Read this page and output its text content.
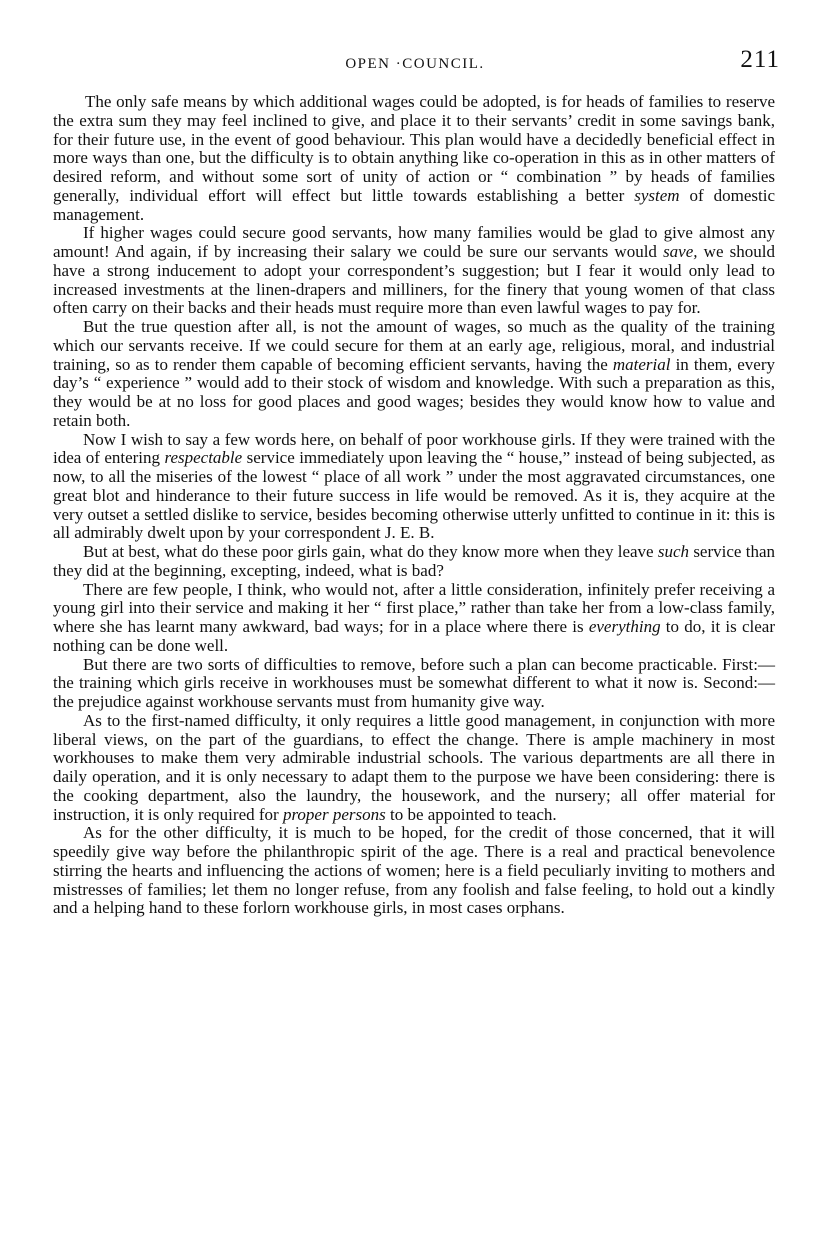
OPEN ·COUNCIL.	211

The only safe means by which additional wages could be adopted, is for heads of families to reserve the extra sum they may feel inclined to give, and place it to their servants’ credit in some savings bank, for their future use, in the event of good behaviour. This plan would have a decidedly beneficial effect in more ways than one, but the difficulty is to obtain anything like co-operation in this as in other matters of desired reform, and without some sort of unity of action or “ combination ” by heads of families generally, individual effort will effect but little towards establishing a better system of domestic management.

If higher wages could secure good servants, how many families would be glad to give almost any amount! And again, if by increasing their salary we could be sure our servants would save, we should have a strong inducement to adopt your correspondent’s suggestion; but I fear it would only lead to increased investments at the linen-drapers and milliners, for the finery that young women of that class often carry on their backs and their heads must require more than even lawful wages to pay for.

But the true question after all, is not the amount of wages, so much as the quality of the training which our servants receive. If we could secure for them at an early age, religious, moral, and industrial training, so as to render them capable of becoming efficient servants, having the material in them, every day’s “ experience ” would add to their stock of wisdom and knowledge. With such a preparation as this, they would be at no loss for good places and good wages; besides they would know how to value and retain both.

Now I wish to say a few words here, on behalf of poor workhouse girls. If they were trained with the idea of entering respectable service immediately upon leaving the “ house,” instead of being subjected, as now, to all the miseries of the lowest “ place of all work ” under the most aggravated circumstances, one great blot and hinderance to their future success in life would be removed. As it is, they acquire at the very outset a settled dislike to service, besides becoming otherwise utterly unfitted to continue in it: this is all admirably dwelt upon by your correspondent J. E. B.

But at best, what do these poor girls gain, what do they know more when they leave such service than they did at the beginning, excepting, indeed, what is bad?

There are few people, I think, who would not, after a little consideration, infinitely prefer receiving a young girl into their service and making it her “ first place,” rather than take her from a low-class family, where she has learnt many awkward, bad ways; for in a place where there is everything to do, it is clear nothing can be done well.

But there are two sorts of difficulties to remove, before such a plan can become practicable. First:—the training which girls receive in workhouses must be somewhat different to what it now is. Second:—the prejudice against workhouse servants must from humanity give way.

As to the first-named difficulty, it only requires a little good management, in conjunction with more liberal views, on the part of the guardians, to effect the change. There is ample machinery in most workhouses to make them very admirable industrial schools. The various departments are all there in daily operation, and it is only necessary to adapt them to the purpose we have been considering: there is the cooking department, also the laundry, the housework, and the nursery; all offer material for instruction, it is only required for proper persons to be appointed to teach.

As for the other difficulty, it is much to be hoped, for the credit of those concerned, that it will speedily give way before the philanthropic spirit of the age. There is a real and practical benevolence stirring the hearts and influencing the actions of women; here is a field peculiarly inviting to mothers and mistresses of families; let them no longer refuse, from any foolish and false feeling, to hold out a kindly and a helping hand to these forlorn workhouse girls, in most cases orphans.
